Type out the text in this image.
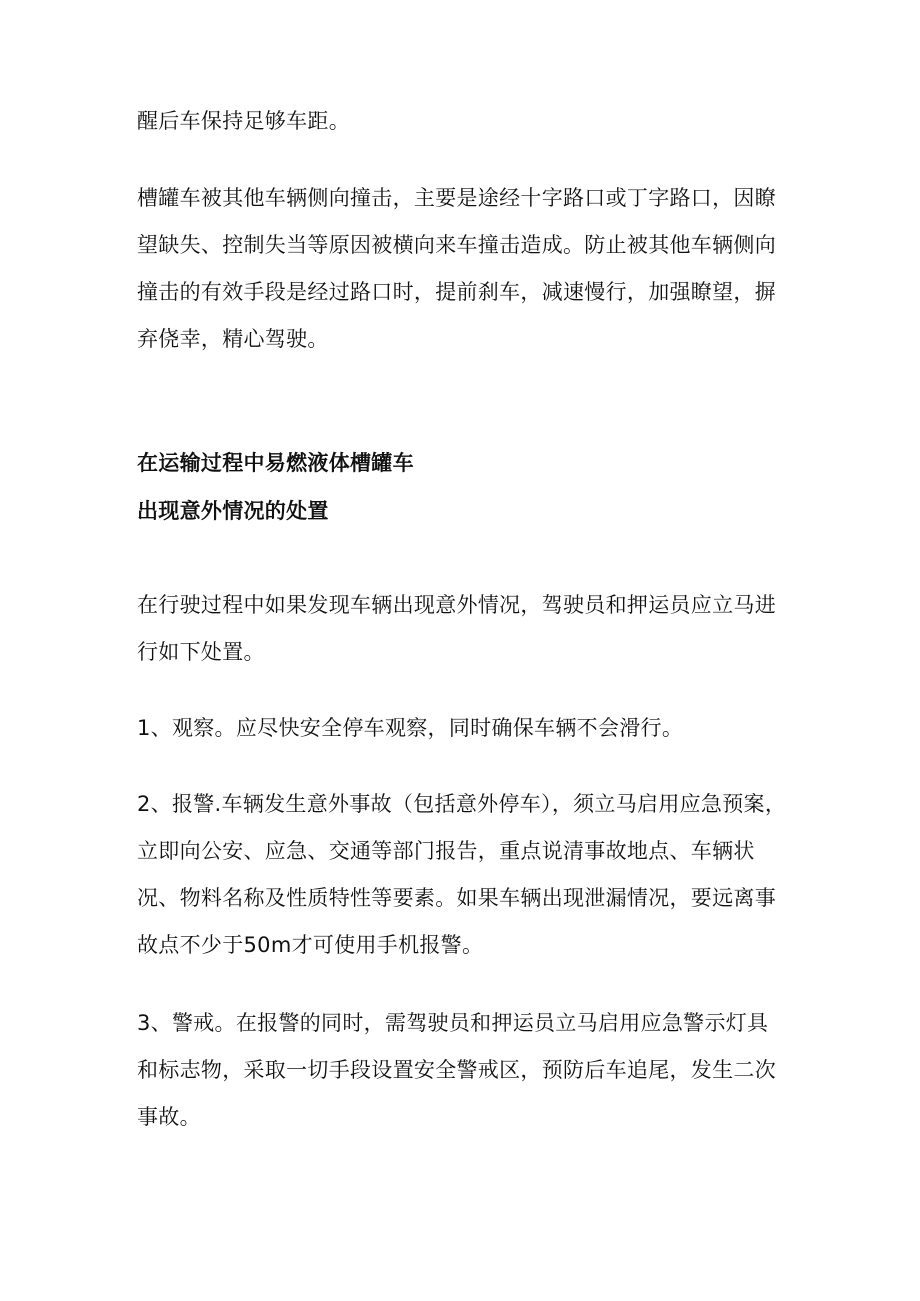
醒后车保持足够车距。

槽罐车被其他车辆侧向撞击，主要是途经十字路口或丁字路口，因瞭望缺失、控制失当等原因被横向来车撞击造成。防止被其他车辆侧向撞击的有效手段是经过路口时，提前刹车，减速慢行，加强瞭望，摒弃侥幸，精心驾驶。

在运输过程中易燃液体槽罐车

出现意外情况的处置

在行驶过程中如果发现车辆出现意外情况，驾驶员和押运员应立马进行如下处置。

1、观察。应尽快安全停车观察，同时确保车辆不会滑行。

2、报警.车辆发生意外事故（包括意外停车），须立马启用应急预案，立即向公安、应急、交通等部门报告，重点说清事故地点、车辆状况、物料名称及性质特性等要素。如果车辆出现泄漏情况，要远离事故点不少于50m才可使用手机报警。

3、警戒。在报警的同时，需驾驶员和押运员立马启用应急警示灯具和标志物，采取一切手段设置安全警戒区，预防后车追尾，发生二次事故。
